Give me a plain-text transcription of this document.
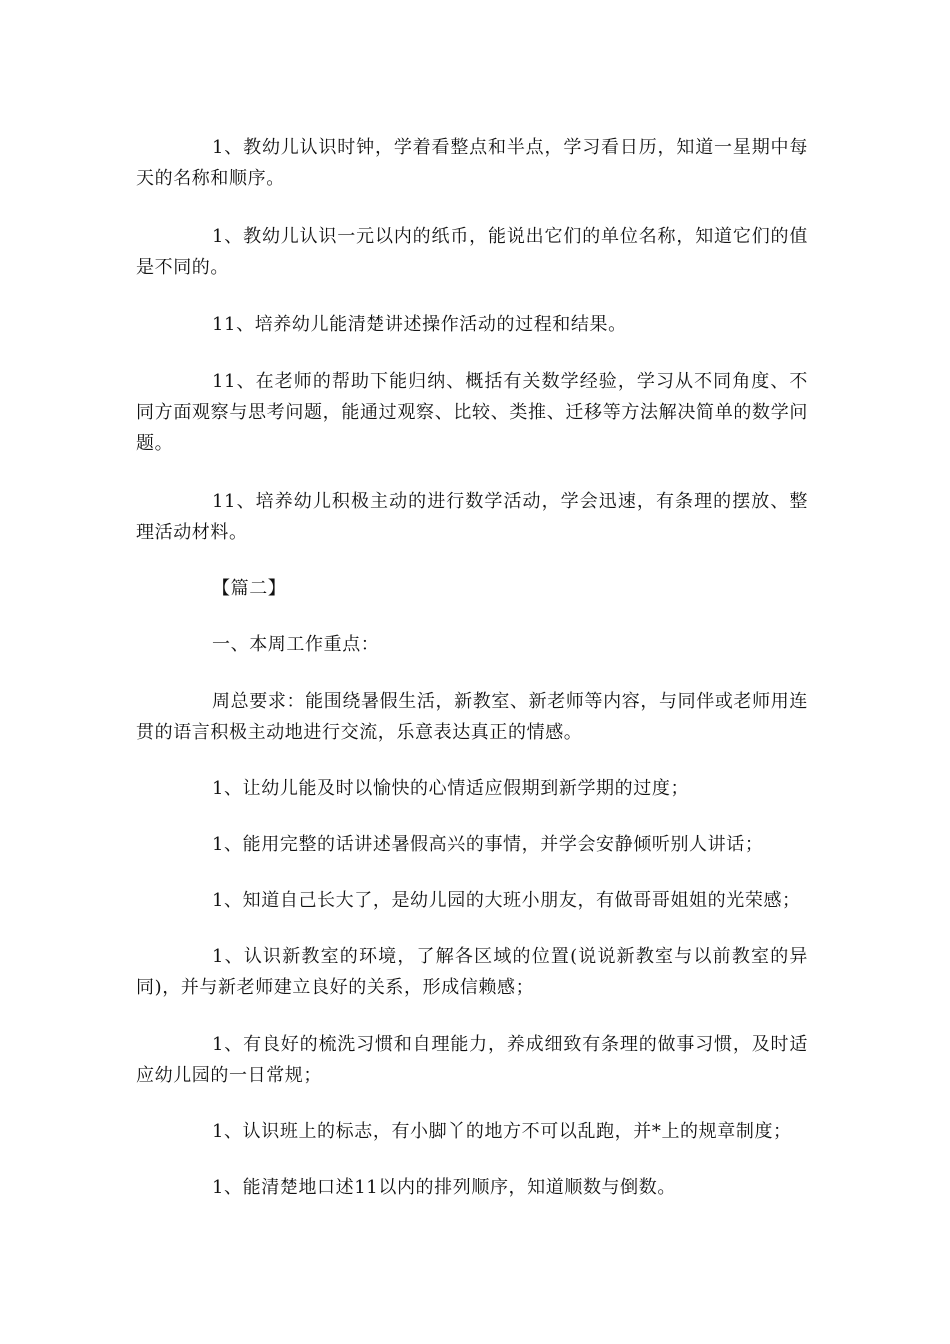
1、教幼儿认识时钟，学着看整点和半点，学习看日历，知道一星期中每天的名称和顺序。

1、教幼儿认识一元以内的纸币，能说出它们的单位名称，知道它们的值是不同的。

11、培养幼儿能清楚讲述操作活动的过程和结果。

11、在老师的帮助下能归纳、概括有关数学经验，学习从不同角度、不同方面观察与思考问题，能通过观察、比较、类推、迁移等方法解决简单的数学问题。

11、培养幼儿积极主动的进行数学活动，学会迅速，有条理的摆放、整理活动材料。

【篇二】

一、本周工作重点：

周总要求：能围绕暑假生活，新教室、新老师等内容，与同伴或老师用连贯的语言积极主动地进行交流，乐意表达真正的情感。

1、让幼儿能及时以愉快的心情适应假期到新学期的过度；

1、能用完整的话讲述暑假高兴的事情，并学会安静倾听别人讲话；

1、知道自己长大了，是幼儿园的大班小朋友，有做哥哥姐姐的光荣感；

1、认识新教室的环境，了解各区域的位置(说说新教室与以前教室的异同)，并与新老师建立良好的关系，形成信赖感；

1、有良好的梳洗习惯和自理能力，养成细致有条理的做事习惯，及时适应幼儿园的一日常规；

1、认识班上的标志，有小脚丫的地方不可以乱跑，并*上的规章制度；

1、能清楚地口述11以内的排列顺序，知道顺数与倒数。
